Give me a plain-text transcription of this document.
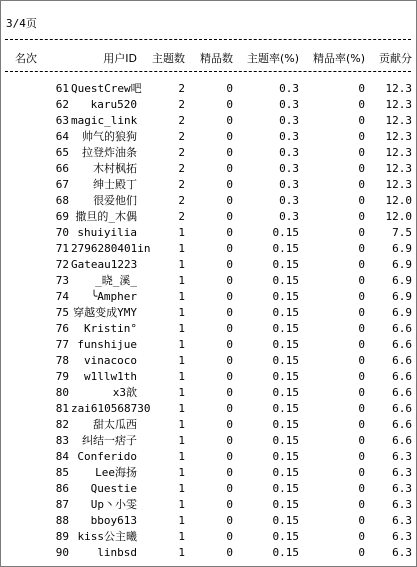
3/4页
名次	用户ID	主题数	精品数	主题率(%)	精品率(%)	贡献分
61 QuestCrew吧	2	0	0.3	0	12.3
62	karu520	2	0	0.3	0	12.3
63 magic_link	2	0	0.3	0	12.3
64	帅气的狼狗	2	0	0.3	0	12.3
65	拉登炸油条	2	0	0.3	0	12.3
66	木村枫拓	2	0	0.3	0	12.3
67	绅士殿丁	2	0	0.3	0	12.3
68	很爱他们	2	0	0.3	0	12.0
69 撒旦的_木偶	2	0	0.3	0	12.0
70 shuiyilia	1	0	0.15	0	7.5
71 2796280401in	1	0	0.15	0	6.9
72 Gateau1223	1	0	0.15	0	6.9
73	_晓_溪_	1	0	0.15	0	6.9
74	╰Ampher	1	0	0.15	0	6.9
75 穿越变成YMY	1	0	0.15	0	6.9
76	Kristin°	1	0	0.15	0	6.6
77 funshijue	1	0	0.15	0	6.6
78	vinacoco	1	0	0.15	0	6.6
79	w1llw1th	1	0	0.15	0	6.6
80	x3歆	1	0	0.15	0	6.6
81 zai610568730	1	0	0.15	0	6.6
82	甜太瓜西	1	0	0.15	0	6.6
83	纠结一痞子	1	0	0.15	0	6.6
84 Conferido	1	0	0.15	0	6.3
85	Lee海扬	1	0	0.15	0	6.3
86	Questie	1	0	0.15	0	6.3
87	Up丶小雯	1	0	0.15	0	6.3
88	bboy613	1	0	0.15	0	6.3
89 kiss公主曦	1	0	0.15	0	6.3
90	linbsd	1	0	0.15	0	6.3
